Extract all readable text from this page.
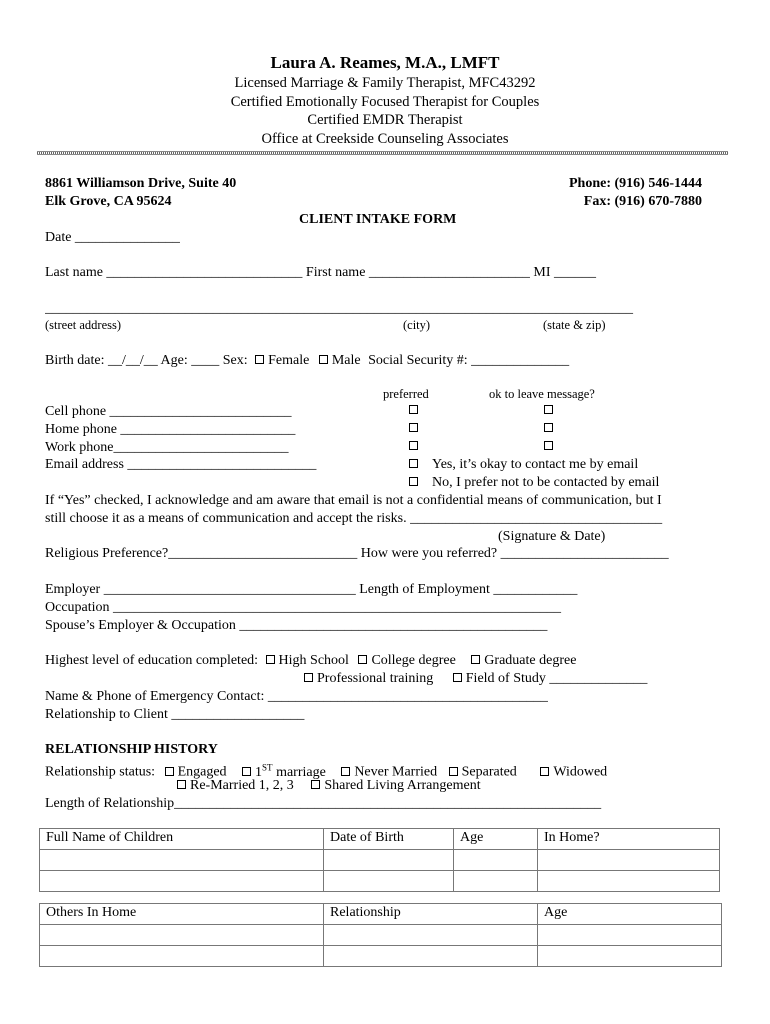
Laura A. Reames, M.A., LMFT
Licensed Marriage & Family Therapist, MFC43292
Certified Emotionally Focused Therapist for Couples
Certified EMDR Therapist
Office at Creekside Counseling Associates
8861 Williamson Drive, Suite 40
Elk Grove, CA 95624
Phone: (916) 546-1444
Fax: (916) 670-7880
CLIENT INTAKE FORM
Date _______________
Last name ____________________________ First name _______________________ MI ______
____________________________________________________________________________________
(street address)	(city)	(state & zip)
Birth date: __/__/__ Age: ____ Sex: Female Male Social Security #: ______________
preferred	ok to leave message?
Cell phone __________________________
Home phone _________________________
Work phone_________________________
Email address ___________________________	Yes, it’s okay to contact me by email
No, I prefer not to be contacted by email
If “Yes” checked, I acknowledge and am aware that email is not a confidential means of communication, but I
still choose it as a means of communication and accept the risks. ____________________________________
(Signature & Date)
Religious Preference?___________________________ How were you referred? ________________________
Employer ____________________________________ Length of Employment ____________
Occupation ________________________________________________________________
Spouse’s Employer & Occupation ____________________________________________
Highest level of education completed: High School College degree Graduate degree
Professional training Field of Study ______________
Name & Phone of Emergency Contact: ________________________________________
Relationship to Client ___________________
RELATIONSHIP HISTORY
Relationship status: Engaged 1ST marriage Never Married Separated	Widowed
Re-Married 1, 2, 3 Shared Living Arrangement
Length of Relationship_____________________________________________________________
Full Name of Children	Date of Birth	Age	In Home?

Others In Home	Relationship	Age
